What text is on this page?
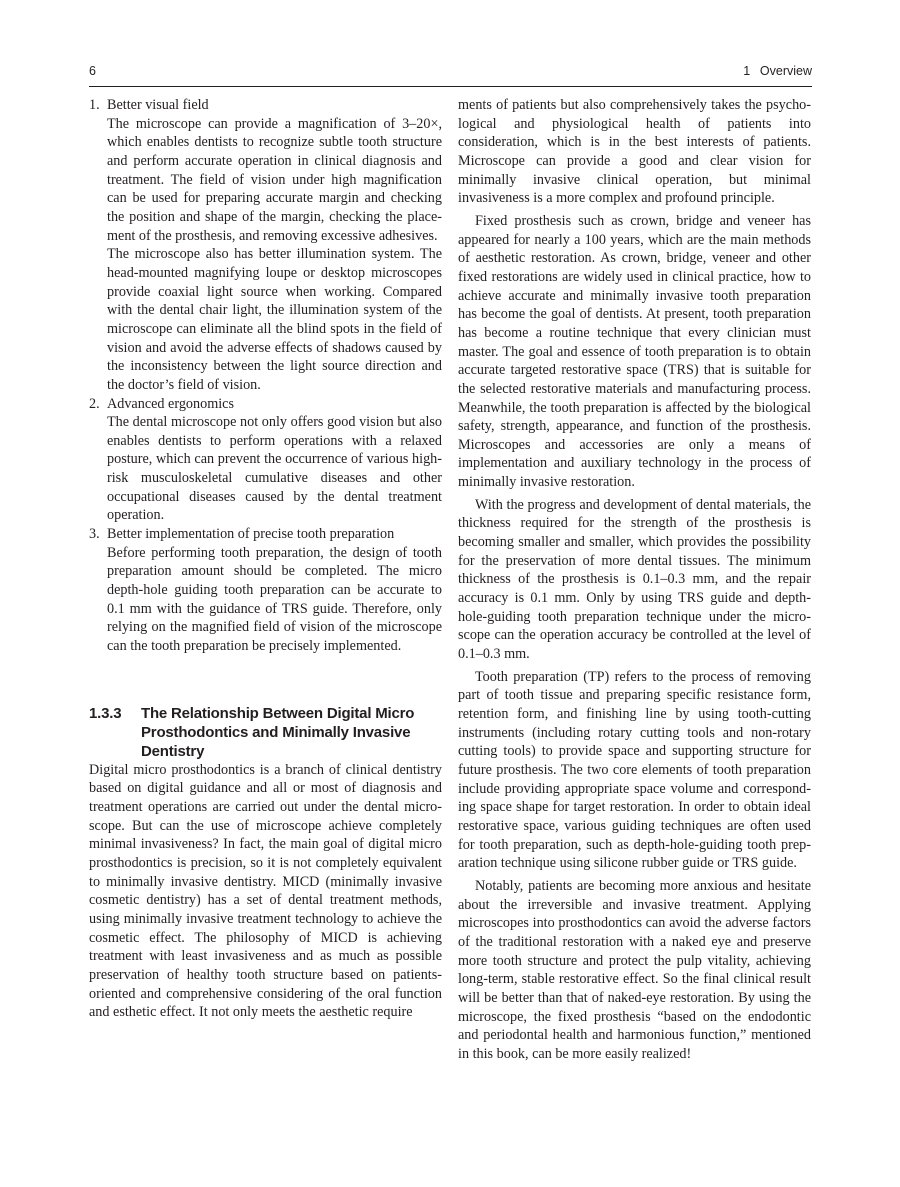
6	1  Overview
1. Better visual field

The microscope can provide a magnification of 3–20×, which enables dentists to recognize subtle tooth structure and perform accurate operation in clinical diagnosis and treatment. The field of vision under high magnification can be used for preparing accurate margin and checking the position and shape of the margin, checking the placement of the prosthesis, and removing excessive adhesives.

The microscope also has better illumination system. The head-mounted magnifying loupe or desktop microscopes provide coaxial light source when working. Compared with the dental chair light, the illumination system of the microscope can eliminate all the blind spots in the field of vision and avoid the adverse effects of shadows caused by the inconsistency between the light source direction and the doctor’s field of vision.

2. Advanced ergonomics

The dental microscope not only offers good vision but also enables dentists to perform operations with a relaxed posture, which can prevent the occurrence of various high-risk musculoskeletal cumulative diseases and other occupational diseases caused by the dental treatment operation.

3. Better implementation of precise tooth preparation

Before performing tooth preparation, the design of tooth preparation amount should be completed. The micro depth-hole guiding tooth preparation can be accurate to 0.1 mm with the guidance of TRS guide. Therefore, only relying on the magnified field of vision of the microscope can the tooth preparation be precisely implemented.

1.3.3 The Relationship Between Digital Micro Prosthodontics and Minimally Invasive Dentistry

Digital micro prosthodontics is a branch of clinical dentistry based on digital guidance and all or most of diagnosis and treatment operations are carried out under the dental microscope. But can the use of microscope achieve completely minimal invasiveness? In fact, the main goal of digital micro prosthodontics is precision, so it is not completely equivalent to minimally invasive dentistry. MICD (minimally invasive cosmetic dentistry) has a set of dental treatment methods, using minimally invasive treatment technology to achieve the cosmetic effect. The philosophy of MICD is achieving treatment with least invasiveness and as much as possible preservation of healthy tooth structure based on patients-oriented and comprehensive considering of the oral function and esthetic effect. It not only meets the aesthetic require

ments of patients but also comprehensively takes the psychological and physiological health of patients into consideration, which is in the best interests of patients. Microscope can provide a good and clear vision for minimally invasive clinical operation, but minimal invasiveness is a more complex and profound principle.

Fixed prosthesis such as crown, bridge and veneer has appeared for nearly a 100 years, which are the main methods of aesthetic restoration. As crown, bridge, veneer and other fixed restorations are widely used in clinical practice, how to achieve accurate and minimally invasive tooth preparation has become the goal of dentists. At present, tooth preparation has become a routine technique that every clinician must master. The goal and essence of tooth preparation is to obtain accurate targeted restorative space (TRS) that is suitable for the selected restorative materials and manufacturing process. Meanwhile, the tooth preparation is affected by the biological safety, strength, appearance, and function of the prosthesis. Microscopes and accessories are only a means of implementation and auxiliary technology in the process of minimally invasive restoration.

With the progress and development of dental materials, the thickness required for the strength of the prosthesis is becoming smaller and smaller, which provides the possibility for the preservation of more dental tissues. The minimum thickness of the prosthesis is 0.1–0.3 mm, and the repair accuracy is 0.1 mm. Only by using TRS guide and depth-hole-guiding tooth preparation technique under the microscope can the operation accuracy be controlled at the level of 0.1–0.3 mm.

Tooth preparation (TP) refers to the process of removing part of tooth tissue and preparing specific resistance form, retention form, and finishing line by using tooth-cutting instruments (including rotary cutting tools and non-rotary cutting tools) to provide space and supporting structure for future prosthesis. The two core elements of tooth preparation include providing appropriate space volume and corresponding space shape for target restoration. In order to obtain ideal restorative space, various guiding techniques are often used for tooth preparation, such as depth-hole-guiding tooth preparation technique using silicone rubber guide or TRS guide.

Notably, patients are becoming more anxious and hesitate about the irreversible and invasive treatment. Applying microscopes into prosthodontics can avoid the adverse factors of the traditional restoration with a naked eye and preserve more tooth structure and protect the pulp vitality, achieving long-term, stable restorative effect. So the final clinical result will be better than that of naked-eye restoration. By using the microscope, the fixed prosthesis “based on the endodontic and periodontal health and harmonious function,” mentioned in this book, can be more easily realized!
